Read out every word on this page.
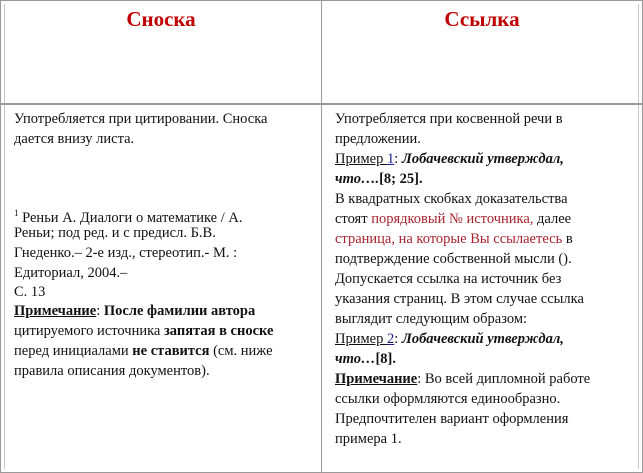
Сноска	Ссылка
Употребляется при цитировании. Сноска
дается внизу листа.
$^1$ Реньи А. Диалоги о математике / А.
Реньи; под ред. и с предисл. Б.В.
Гнеденко.– 2-е изд., стереотип.- М. :
Едиториал, 2004.–
С. 13
Примечание: После фамилии автора
цитируемого источника запятая в сноске
перед инициалами не ставится (см. ниже
правила описания документов).
Употребляется при косвенной речи в
предложении.
Пример 1: Лобачевский утверждал,
что….[8; 25].
В квадратных скобках доказательства
стоят порядковый № источника, далее
страница, на которые Вы ссылаетесь в
подтверждение собственной мысли ().
Допускается ссылка на источник без
указания страниц. В этом случае ссылка
выглядит следующим образом:
Пример 2: Лобачевский утверждал,
что…[8].
Примечание: Во всей дипломной работе
ссылки оформляются единообразно.
Предпочтителен вариант оформления
примера 1.
